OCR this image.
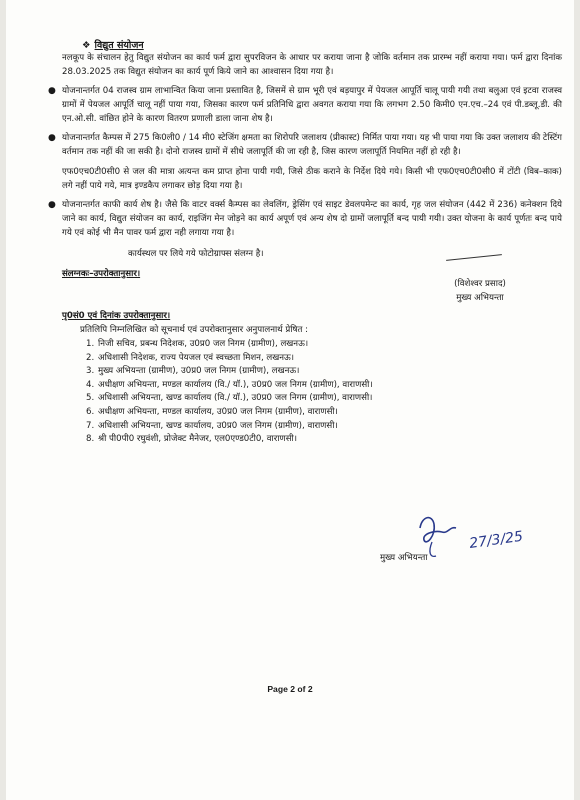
❖ विद्युत संयोजन

नलकूप के संचालन हेतु विद्युत संयोजन का कार्य फर्म द्वारा सुपरविजन के आधार पर कराया जाना है जोकि वर्तमान तक प्रारम्भ नहीं कराया गया। फर्म द्वारा दिनांक 28.03.2025 तक विद्युत संयोजन का कार्य पूर्ण किये जाने का आश्वासन दिया गया है।

● योजनान्तर्गत 04 राजस्व ग्राम लाभान्वित किया जाना प्रस्तावित है, जिसमें से ग्राम भूरी एवं बड़यापुर में पेयजल आपूर्ति चालू पायी गयी तथा बलुआ एवं इटवा राजस्व ग्रामों में पेयजल आपूर्ति चालू नहीं पाया गया, जिसका कारण फर्म प्रतिनिधि द्वारा अवगत कराया गया कि लगभग 2.50 किमी0 एन.एच.–24 एवं पी.डब्लू.डी. की एन.ओ.सी. वांछित होने के कारण वितरण प्रणाली डाला जाना शेष है।
● योजनान्तर्गत कैम्पस में 275 कि0ली0 / 14 मी0 स्टेजिंग क्षमता का शिरोपरि जलाशय (प्रीकास्ट) निर्मित पाया गया। यह भी पाया गया कि उक्त जलाशय की टेस्टिंग वर्तमान तक नहीं की जा सकी है। दोनो राजस्व ग्रामों में सीधे जलापूर्ति की जा रही है, जिस कारण जलापूर्ति नियमित नहीं हो रही है।
एफ0एच0टी0सी0 से जल की मात्रा अत्यन्त कम प्राप्त होना पायी गयी, जिसे ठीक कराने के निर्देश दिये गये। किसी भी एफ0एच0टी0सी0 में टोंटी (विब–काक) लगे नहीं पाये गये, मात्र इण्डकैप लगाकर छोड़ दिया गया है।
● योजनान्तर्गत काफी कार्य शेष है। जैसे कि वाटर वर्क्स कैम्पस का लेवलिंग, ड्रेसिंग एवं साइट डेवलपमेन्ट का कार्य, गृह जल संयोजन (442 में 236) कनेक्शन दिये जाने का कार्य, विद्युत संयोजन का कार्य, राइजिंग मेन जोड़ने का कार्य अपूर्ण एवं अन्य शेष दो ग्रामों जलापूर्ति बन्द पायी गयी। उक्त योजना के कार्य पूर्णतः बन्द पाये गये एवं कोई भी मैन पावर फर्म द्वारा नही लगाया गया है।
कार्यस्थल पर लिये गये फोटोग्राफ्स संलग्न है।
संलग्नकः–उपरोक्तानुसार।
(विशेश्वर प्रसाद)
मुख्य अभियन्ता
पृ0सं0 एवं दिनांक उपरोक्तानुसार।
प्रतिलिपि निम्नलिखित को सूचनार्थ एवं उपरोक्तानुसार अनुपालनार्थ प्रेषित :
1. निजी सचिव, प्रबन्ध निदेशक, उ0प्र0 जल निगम (ग्रामीण), लखनऊ।
2. अधिशासी निदेशक, राज्य पेयजल एवं स्वच्छता मिशन, लखनऊ।
3. मुख्य अभियन्ता (ग्रामीण), उ0प्र0 जल निगम (ग्रामीण), लखनऊ।
4. अधीक्षण अभियन्ता, मण्डल कार्यालय (वि./ यॉ.), उ0प्र0 जल निगम (ग्रामीण), वाराणसी।
5. अधिशासी अभियन्ता, खण्ड कार्यालय (वि./ यॉ.), उ0प्र0 जल निगम (ग्रामीण), वाराणसी।
6. अधीक्षण अभियन्ता, मण्डल कार्यालय, उ0प्र0 जल निगम (ग्रामीण), वाराणसी।
7. अधिशासी अभियन्ता, खण्ड कार्यालय, उ0प्र0 जल निगम (ग्रामीण), वाराणसी।
8. श्री पी0पी0 रघुवंशी, प्रोजेक्ट मैनेजर, एल0एण्ड0टी0, वाराणसी।
27/3/25
मुख्य अभियन्ता
Page 2 of 2
